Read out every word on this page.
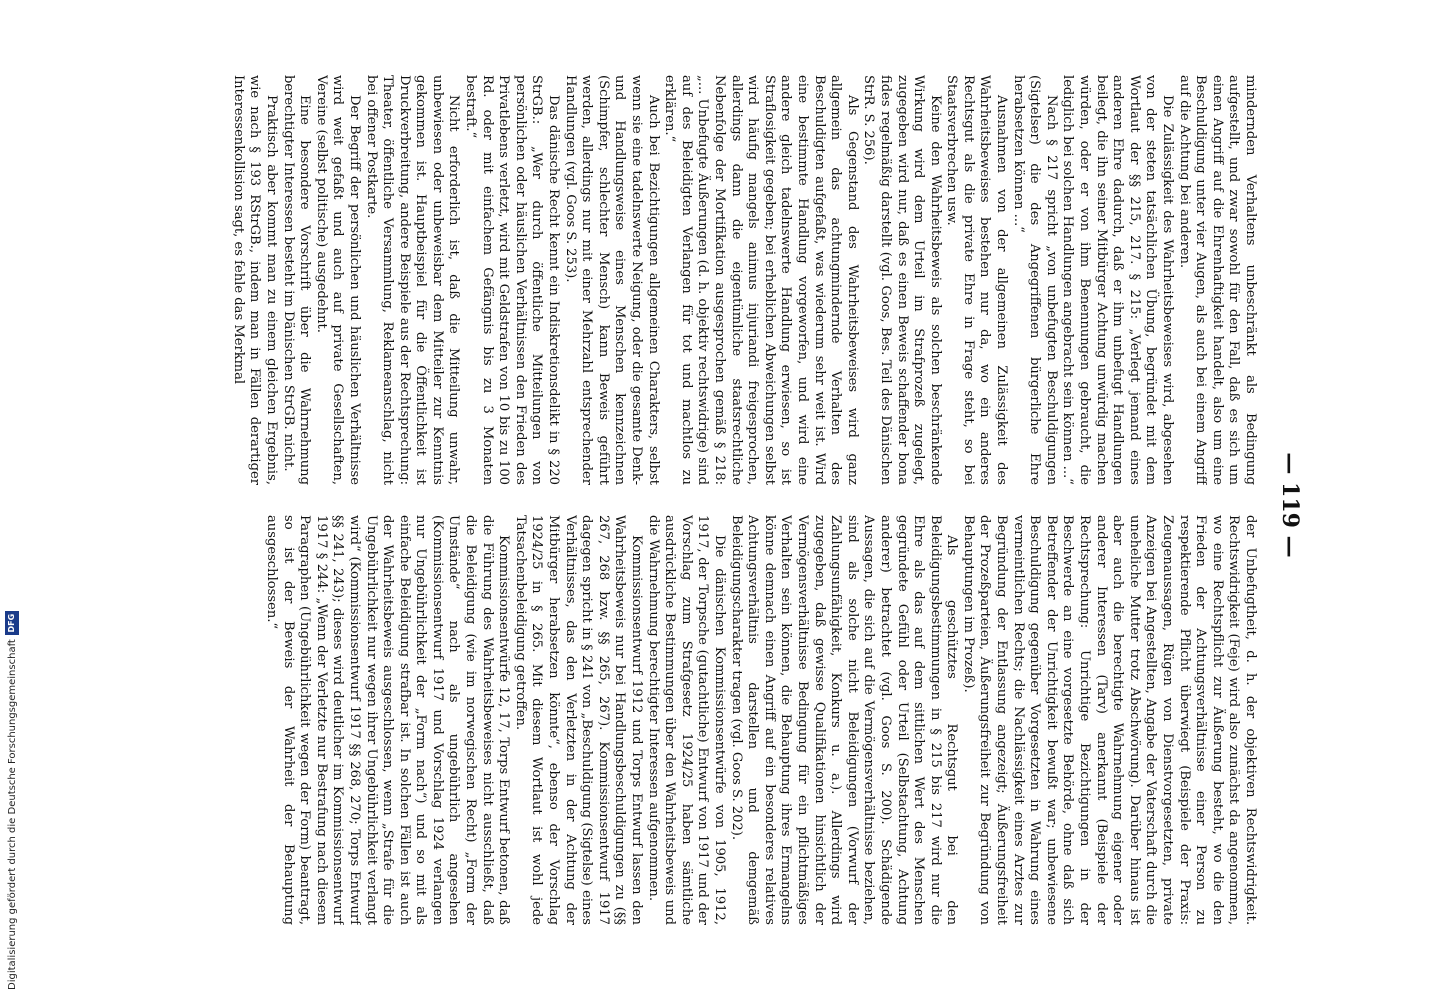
— 119 —

mindernden Verhaltens unbeschränkt als Bedingung aufgestellt, und zwar sowohl für den Fall, daß es sich um einen Angriff auf die Ehrenhaftigkeit handelt, also um eine Beschuldigung unter vier Augen, als auch bei einem Angriff auf die Achtung bei anderen.

Die Zulässigkeit des Wahrheitsbeweises wird, abgesehen von der steten tatsächlichen Übung, begründet mit dem Wortlaut der §§ 215, 217. § 215: „Verlegt jemand eines anderen Ehre dadurch, daß er ihm unbefugt Handlungen beilegt, die ihn seiner Mitbürger Achtung unwürdig machen würden, oder er von ihm Benennungen gebraucht, die lediglich bei solchen Handlungen angebracht sein können ...“

Nach § 217 spricht „von unbefugten Beschuldigungen (Sigtelser) die des Angegriffenen bürgerliche Ehre herabsetzen können ...“

Ausnahmen von der allgemeinen Zulässigkeit des Wahrheitsbeweises bestehen nur da, wo ein anderes Rechtsgut als die private Ehre in Frage steht, so bei Staatsverbrechen usw.

Keine den Wahrheitsbeweis als solchen beschränkende Wirkung wird dem Urteil im Strafprozeß zugelegt, zugegeben wird nur, daß es einen Beweis schaffender bona fides regelmäßig darstellt (vgl. Goos, Bes. Teil des Dänischen StrR. S. 256).

Als Gegenstand des Wahrheitsbeweises wird ganz allgemein das achtungmindernde Verhalten des Beschuldigten aufgefaßt, was wiederum sehr weit ist. Wird eine bestimmte Handlung vorgeworfen, und wird eine andere gleich tadelnswerte Handlung erwiesen, so ist Straflosigkeit gegeben; bei erheblichen Abweichungen selbst wird häufig mangels animus injuriandi freigesprochen, allerdings dann die eigentümliche staatsrechtliche Nebenfolge der Mortifikation ausgesprochen gemäß § 218: „... Unbefugte Äußerungen (d. h. objektiv rechtswidrige) sind auf des Beleidigten Verlangen für tot und machtlos zu erklären.“

Auch bei Bezichtigungen allgemeinen Charakters, selbst wenn sie eine tadelnswerte Neigung, oder die gesamte Denk- und Handlungsweise eines Menschen kennzeichnen (Schimpfer, schlechter Mensch) kann Beweis geführt werden, allerdings nur mit einer Mehrzahl entsprechender Handlungen (vgl. Goos S. 253).

Das dänische Recht kennt ein Indiskretionsdelikt in § 220 StrGB.: „Wer durch öffentliche Mitteilungen von persönlichen oder häuslichen Verhältnissen den Frieden des Privatlebens verletzt, wird mit Geldstrafen von 10 bis zu 100 Rd. oder mit einfachem Gefängnis bis zu 3 Monaten bestraft.“

Nicht erforderlich ist, daß die Mitteilung unwahr, unbewiesen oder unbeweisbar dem Mitteiler zur Kenntnis gekommen ist. Hauptbeispiel für die Öffentlichkeit ist Druckverbreitung, andere Beispiele aus der Rechtsprechung: Theater, öffentliche Versammlung, Reklameanschlag, nicht bei offener Postkarte.

Der Begriff der persönlichen und häuslichen Verhältnisse wird weit gefaßt und auch auf private Gesellschaften, Vereine (selbst politische) ausgedehnt.

Eine besondere Vorschrift über die Wahrnehmung berechtigter Interessen besteht im Dänischen StrGB. nicht.

Praktisch aber kommt man zu einem gleichen Ergebnis, wie nach § 193 RStrGB., indem man in Fällen derartiger Interessenkollision sagt, es fehle das Merkmal

der Unbefugtheit, d. h. der objektiven Rechtswidrigkeit. Rechtswidrigkeit (Feje) wird also zunächst da angenommen, wo eine Rechtspflicht zur Äußerung besteht, wo die den Frieden der Achtungsverhältnisse einer Person zu respektierende Pflicht überwiegt (Beispiele der Praxis: Zeugenaussagen, Rügen von Dienstvorgesetzten, private Anzeigen bei Angestellten, Angabe der Vaterschaft durch die uneheliche Mutter trotz Abschwörung). Darüber hinaus ist aber auch die berechtigte Wahrnehmung eigener oder anderer Interessen (Tarv) anerkannt (Beispiele der Rechtsprechung: Unrichtige Bezichtigungen in der Beschwerde an eine vorgesetzte Behörde, ohne daß sich Betreffender der Unrichtigkeit bewußt war; unbewiesene Beschuldigung gegenüber Vorgesetzten in Wahrung eines vermeintlichen Rechts; die Nachlässigkeit eines Arztes zur Begründung der Entlassung angezeigt; Äußerungsfreiheit der Prozeßparteien, Äußerungsfreiheit zur Begründung von Behauptungen im Prozeß).

Als geschütztes Rechtsgut bei den Beleidigungsbestimmungen in § 215 bis 217 wird nur die Ehre als das auf dem sittlichen Wert des Menschen gegründete Gefühl oder Urteil (Selbstachtung, Achtung anderer) betrachtet (vgl. Goos S. 200). Schädigende Aussagen, die sich auf die Vermögensverhältnisse beziehen, sind als solche nicht Beleidigungen (Vorwurf der Zahlungsunfähigkeit, Konkurs u. a.). Allerdings wird zugegeben, daß gewisse Qualifikationen hinsichtlich der Vermögensverhältnisse Bedingung für ein pflichtmäßiges Verhalten sein können, die Behauptung ihres Ermangelns könne demnach einen Angriff auf ein besonderes relatives Achtungsverhältnis darstellen und demgemäß Beleidigungscharakter tragen (vgl. Goos S. 202).

Die dänischen Kommissionsentwürfe von 1905, 1912, 1917, der Torpsche (gutachtliche) Entwurf von 1917 und der Vorschlag zum Strafgesetz 1924/25 haben sämtliche ausdrückliche Bestimmungen über den Wahrheitsbeweis und die Wahrnehmung berechtigter Interessen aufgenommen.

Kommissionsentwurf 1912 und Torps Entwurf lassen den Wahrheitsbeweis nur bei Handlungsbeschuldigungen zu (§§ 267, 268 bzw. §§ 265, 267). Kommissionsentwurf 1917 dagegen spricht in § 241 von „Beschuldigung (Sigtelse) eines Verhältnisses, das den Verletzten in der Achtung der Mitbürger herabsetzen könnte“, ebenso der Vorschlag 1924/25 in § 265. Mit diesem Wortlaut ist wohl jede Tatsachenbeleidigung getroffen.

Kommissionsentwürfe 12, 17, Torps Entwurf betonen, daß die Führung des Wahrheitsbeweises nicht ausschließt, daß die Beleidigung (wie im norwegischen Recht) „Form der Umstände“ nach als ungebührlich angesehen (Kommissionsentwurf 1917 und Vorschlag 1924 verlangen nur Ungebührlichkeit der „Form nach“) und so mit als einfache Beleidigung strafbar ist. In solchen Fällen ist auch der Wahrheitsbeweis ausgeschlossen, wenn „Strafe für die Ungebührlichkeit nur wegen ihrer Ungebührlichkeit verlangt wird“ (Kommissionsentwurf 1917 §§ 268, 270; Torps Entwurf §§ 241, 243); dieses wird deutlicher im Kommissionsentwurf 1917 § 244: „Wenn der Verletzte nur Bestrafung nach diesem Paragraphen (Ungebührlichkeit wegen der Form) beantragt, so ist der Beweis der Wahrheit der Behauptung ausgeschlossen.“

Digitalisierung gefördert durch die Deutsche Forschungsgemeinschaft
DFG
